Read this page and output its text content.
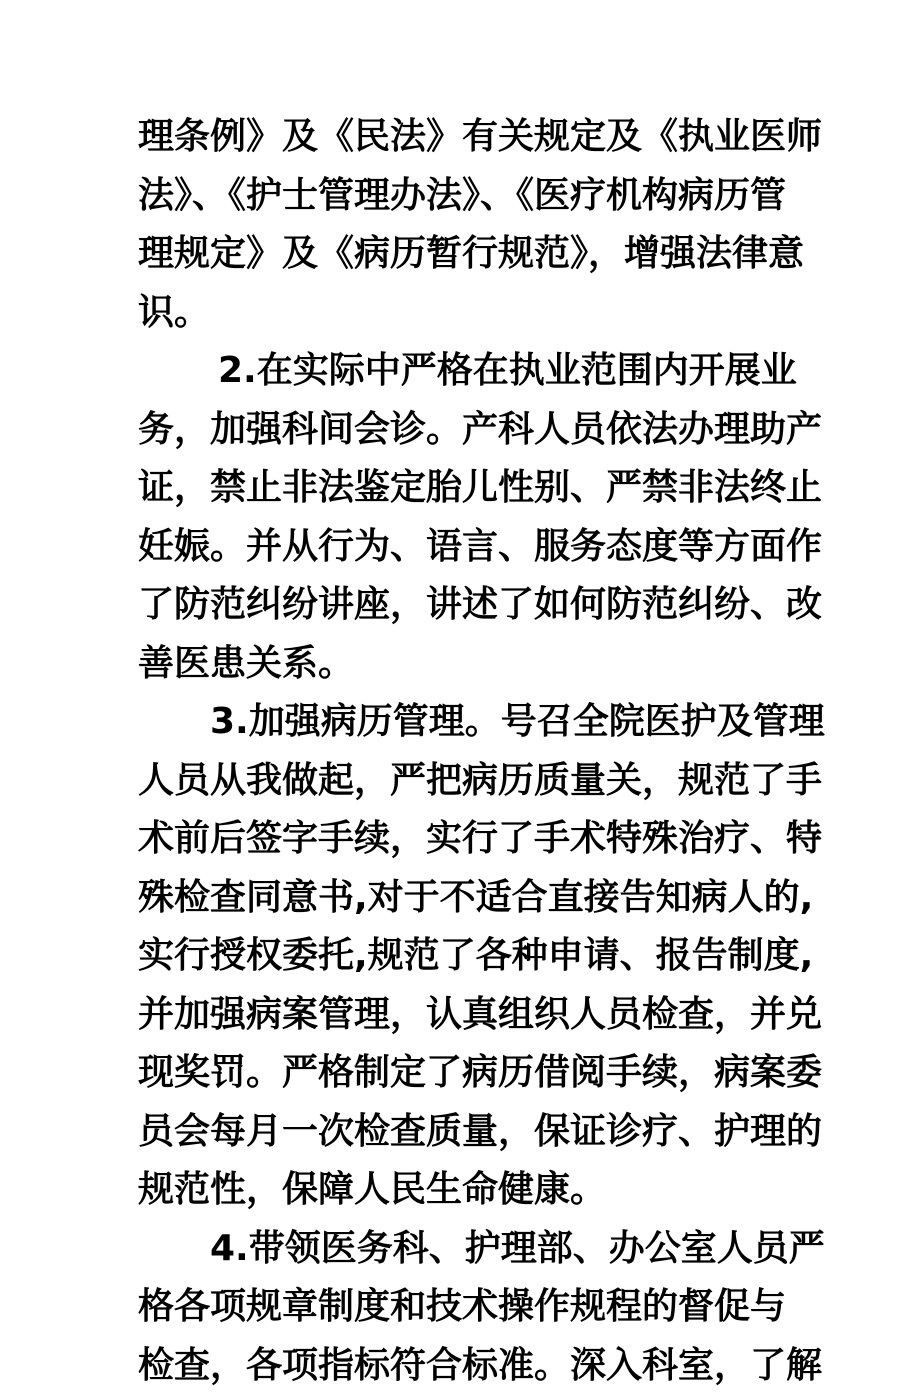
理条例》及《民法》有关规定及《执业医师
法》、《护士管理办法》、《医疗机构病历管
理规定》及《病历暂行规范》，增强法律意
识。
2.在实际中严格在执业范围内开展业
务，加强科间会诊。产科人员依法办理助产
证，禁止非法鉴定胎儿性别、严禁非法终止
妊娠。并从行为、语言、服务态度等方面作
了防范纠纷讲座，讲述了如何防范纠纷、改
善医患关系。
3.加强病历管理。号召全院医护及管理
人员从我做起，严把病历质量关，规范了手
术前后签字手续，实行了手术特殊治疗、特
殊检查同意书,对于不适合直接告知病人的,
实行授权委托,规范了各种申请、报告制度,
并加强病案管理，认真组织人员检查，并兑
现奖罚。严格制定了病历借阅手续，病案委
员会每月一次检查质量，保证诊疗、护理的
规范性，保障人民生命健康。
4.带领医务科、护理部、办公室人员严
格各项规章制度和技术操作规程的督促与
检查，各项指标符合标准。深入科室，了解
